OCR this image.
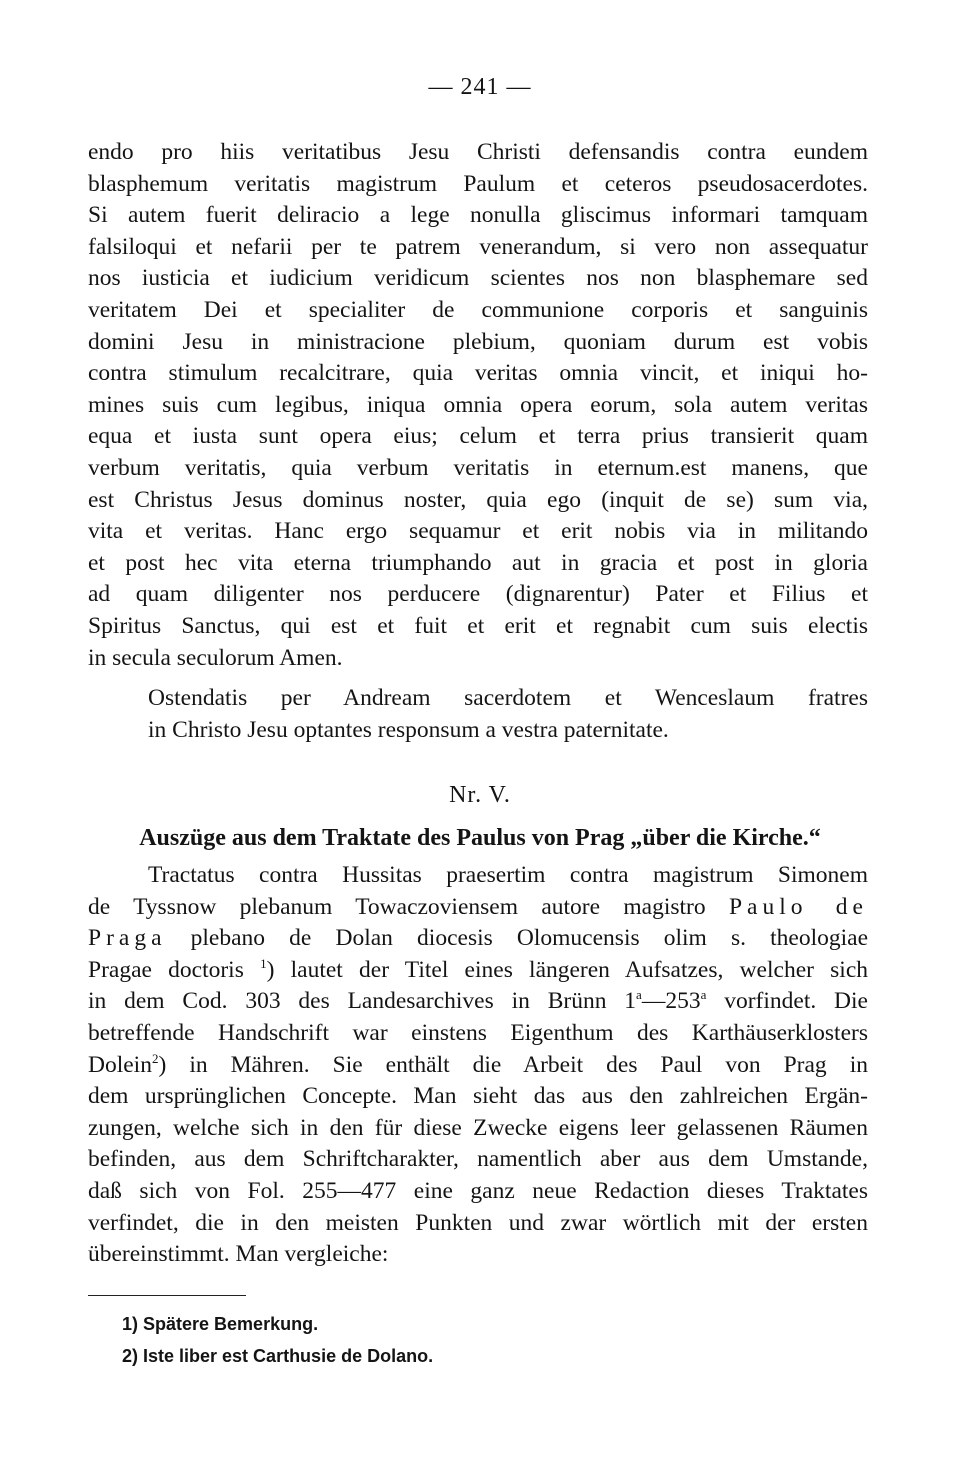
— 241 —

endo pro hiis veritatibus Jesu Christi defensandis contra eundem

blasphemum veritatis magistrum Paulum et ceteros pseudosacerdotes.

Si autem fuerit deliracio a lege nonulla gliscimus informari tamquam

falsiloqui et nefarii per te patrem venerandum, si vero non assequatur

nos iusticia et iudicium veridicum scientes nos non blasphemare sed

veritatem Dei et specialiter de communione corporis et sanguinis

domini Jesu in ministracione plebium, quoniam durum est vobis

contra stimulum recalcitrare, quia veritas omnia vincit, et iniqui ho-

mines suis cum legibus, iniqua omnia opera eorum, sola autem veritas

equa et iusta sunt opera eius; celum et terra prius transierit quam

verbum veritatis, quia verbum veritatis in eternum.est manens, que

est Christus Jesus dominus noster, quia ego (inquit de se) sum via,

vita et veritas. Hanc ergo sequamur et erit nobis via in militando

et post hec vita eterna triumphando aut in gracia et post in gloria

ad quam diligenter nos perducere (dignarentur) Pater et Filius et

Spiritus Sanctus, qui est et fuit et erit et regnabit cum suis electis

in secula seculorum Amen.

Ostendatis per Andream sacerdotem et Wenceslaum fratres

in Christo Jesu optantes responsum a vestra paternitate.

Nr. V.
Auszüge aus dem Traktate des Paulus von Prag „über die Kirche.“

Tractatus contra Hussitas praesertim contra magistrum Simonem

de Tyssnow plebanum Towaczoviensem autore magistro Paulo de

Praga plebano de Dolan diocesis Olomucensis olim s. theologiae

Pragae doctoris $^1$) lautet der Titel eines längeren Aufsatzes, welcher sich

in dem Cod. 303 des Landesarchives in Brünn 1$^a$—253$^a$ vorfindet. Die

betreffende Handschrift war einstens Eigenthum des Karthäuserklosters

Dolein$^2$) in Mähren. Sie enthält die Arbeit des Paul von Prag in

dem ursprünglichen Concepte. Man sieht das aus den zahlreichen Ergän-

zungen, welche sich in den für diese Zwecke eigens leer gelassenen Räumen

befinden, aus dem Schriftcharakter, namentlich aber aus dem Umstande,

daß sich von Fol. 255—477 eine ganz neue Redaction dieses Traktates

verfindet, die in den meisten Punkten und zwar wörtlich mit der ersten

übereinstimmt. Man vergleiche:

1) Spätere Bemerkung.
2) Iste liber est Carthusie de Dolano.
